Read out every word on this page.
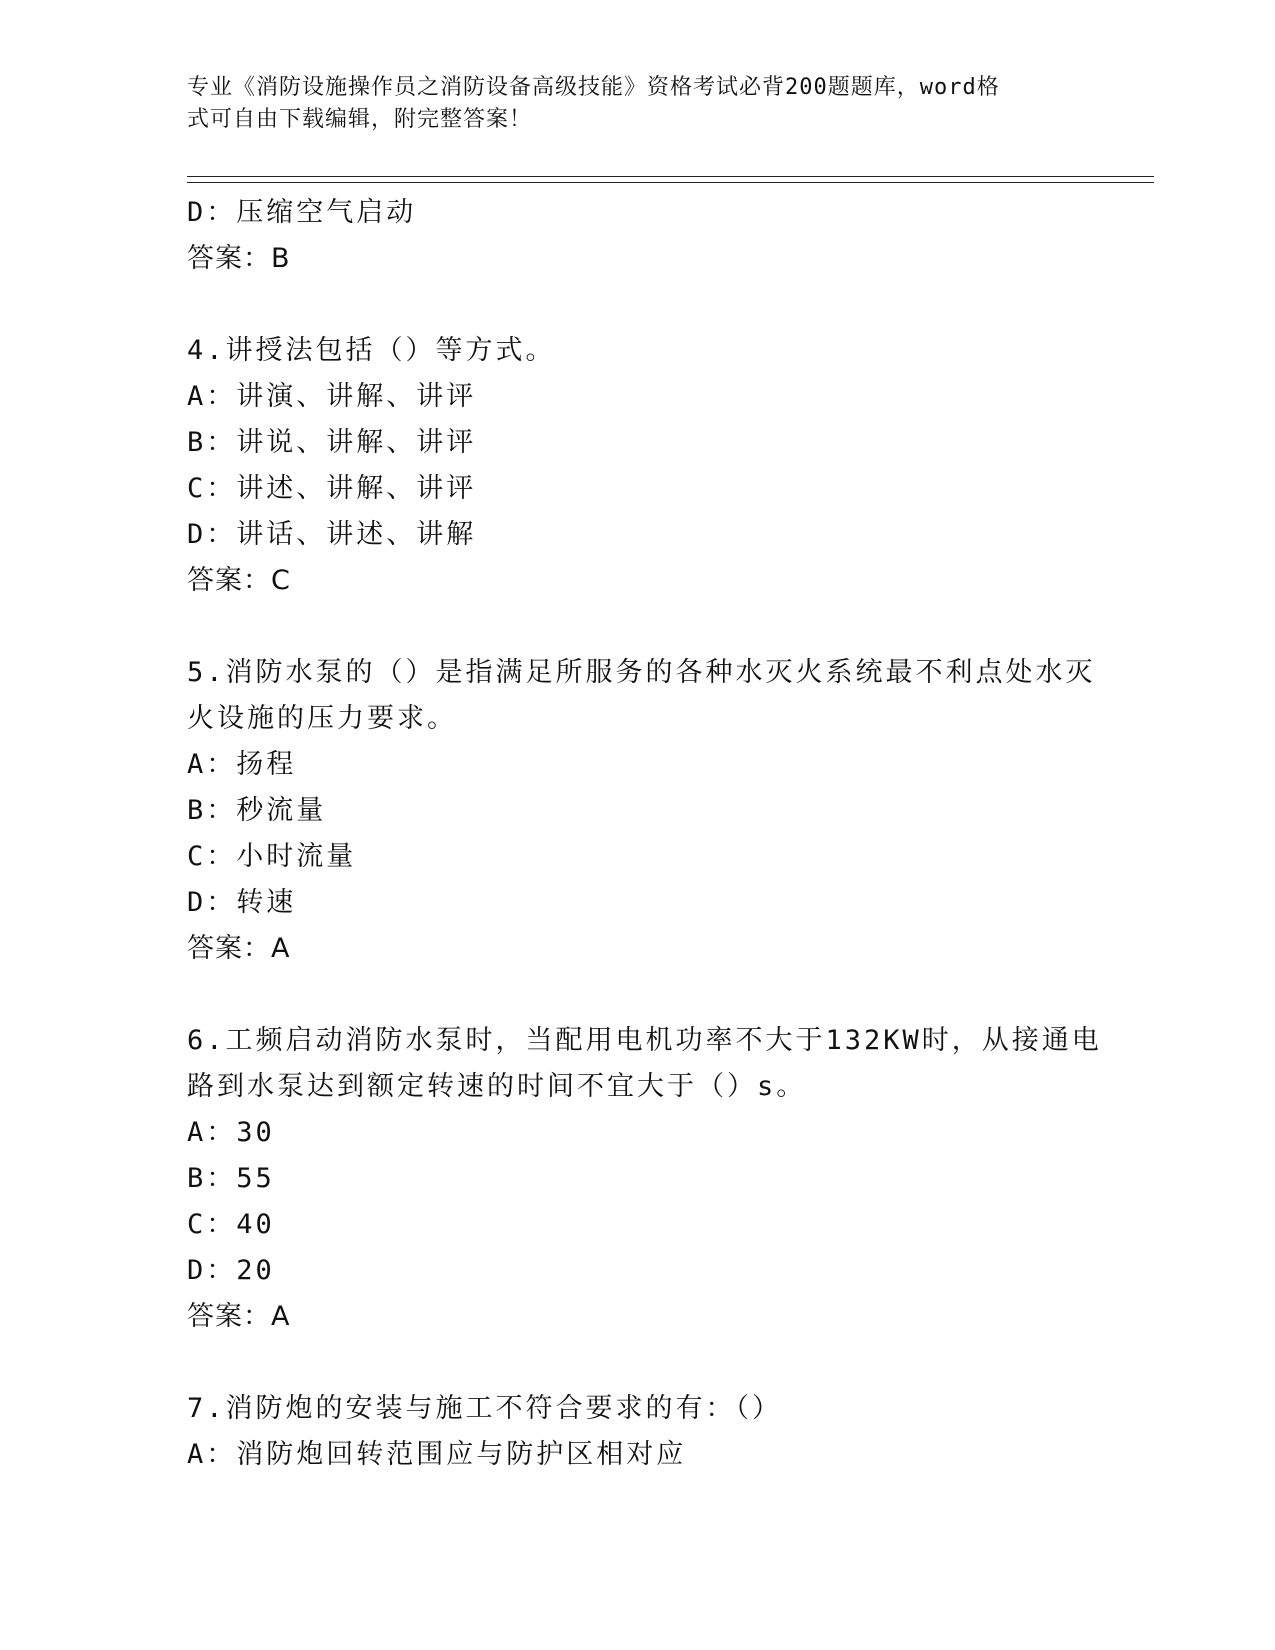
专业《消防设施操作员之消防设备高级技能》资格考试必背200题题库，word格
式可自由下载编辑，附完整答案！
D：压缩空气启动
答案：B
4.讲授法包括（）等方式。
A：讲演、讲解、讲评
B：讲说、讲解、讲评
C：讲述、讲解、讲评
D：讲话、讲述、讲解
答案：C
5.消防水泵的（）是指满足所服务的各种水灭火系统最不利点处水灭
火设施的压力要求。
A：扬程
B：秒流量
C：小时流量
D：转速
答案：A
6.工频启动消防水泵时，当配用电机功率不大于132KW时，从接通电
路到水泵达到额定转速的时间不宜大于（）s。
A：30
B：55
C：40
D：20
答案：A
7.消防炮的安装与施工不符合要求的有：（）
A：消防炮回转范围应与防护区相对应
